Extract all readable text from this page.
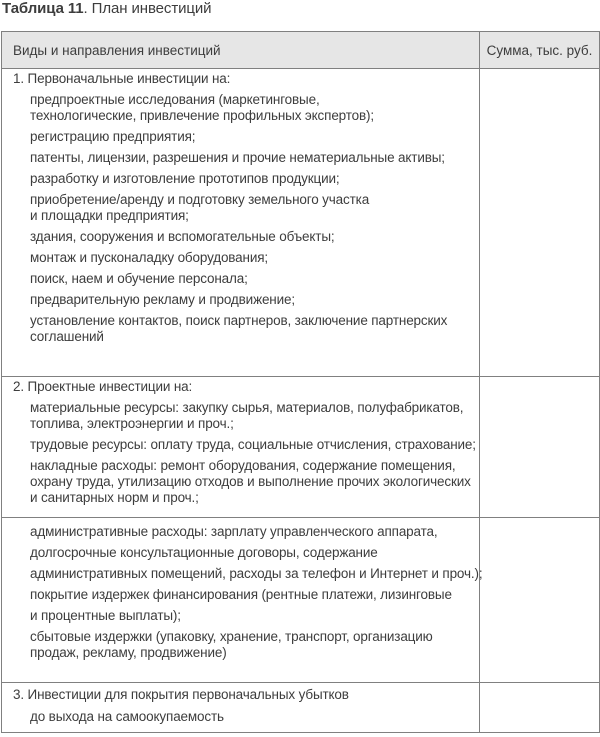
Таблица 11. План инвестиций
Виды и направления инвестиций	Сумма, тыс. руб.
1. Первоначальные инвестиции на:
предпроектные исследования (маркетинговые,
технологические, привлечение профильных экспертов);
регистрацию предприятия;
патенты, лицензии, разрешения и прочие нематериальные активы;
разработку и изготовление прототипов продукции;
приобретение/аренду и подготовку земельного участка
и площадки предприятия;
здания, сооружения и вспомогательные объекты;
монтаж и пусконаладку оборудования;
поиск, наем и обучение персонала;
предварительную рекламу и продвижение;
установление контактов, поиск партнеров, заключение партнерских
соглашений
2. Проектные инвестиции на:
материальные ресурсы: закупку сырья, материалов, полуфабрикатов,
топлива, электроэнергии и проч.;
трудовые ресурсы: оплату труда, социальные отчисления, страхование;
накладные расходы: ремонт оборудования, содержание помещения,
охрану труда, утилизацию отходов и выполнение прочих экологических
и санитарных норм и проч.;
административные расходы: зарплату управленческого аппарата,
долгосрочные консультационные договоры, содержание
административных помещений, расходы за телефон и Интернет и проч.);
покрытие издержек финансирования (рентные платежи, лизинговые
и процентные выплаты);
сбытовые издержки (упаковку, хранение, транспорт, организацию
продаж, рекламу, продвижение)
3. Инвестиции для покрытия первоначальных убытков
до выхода на самоокупаемость
